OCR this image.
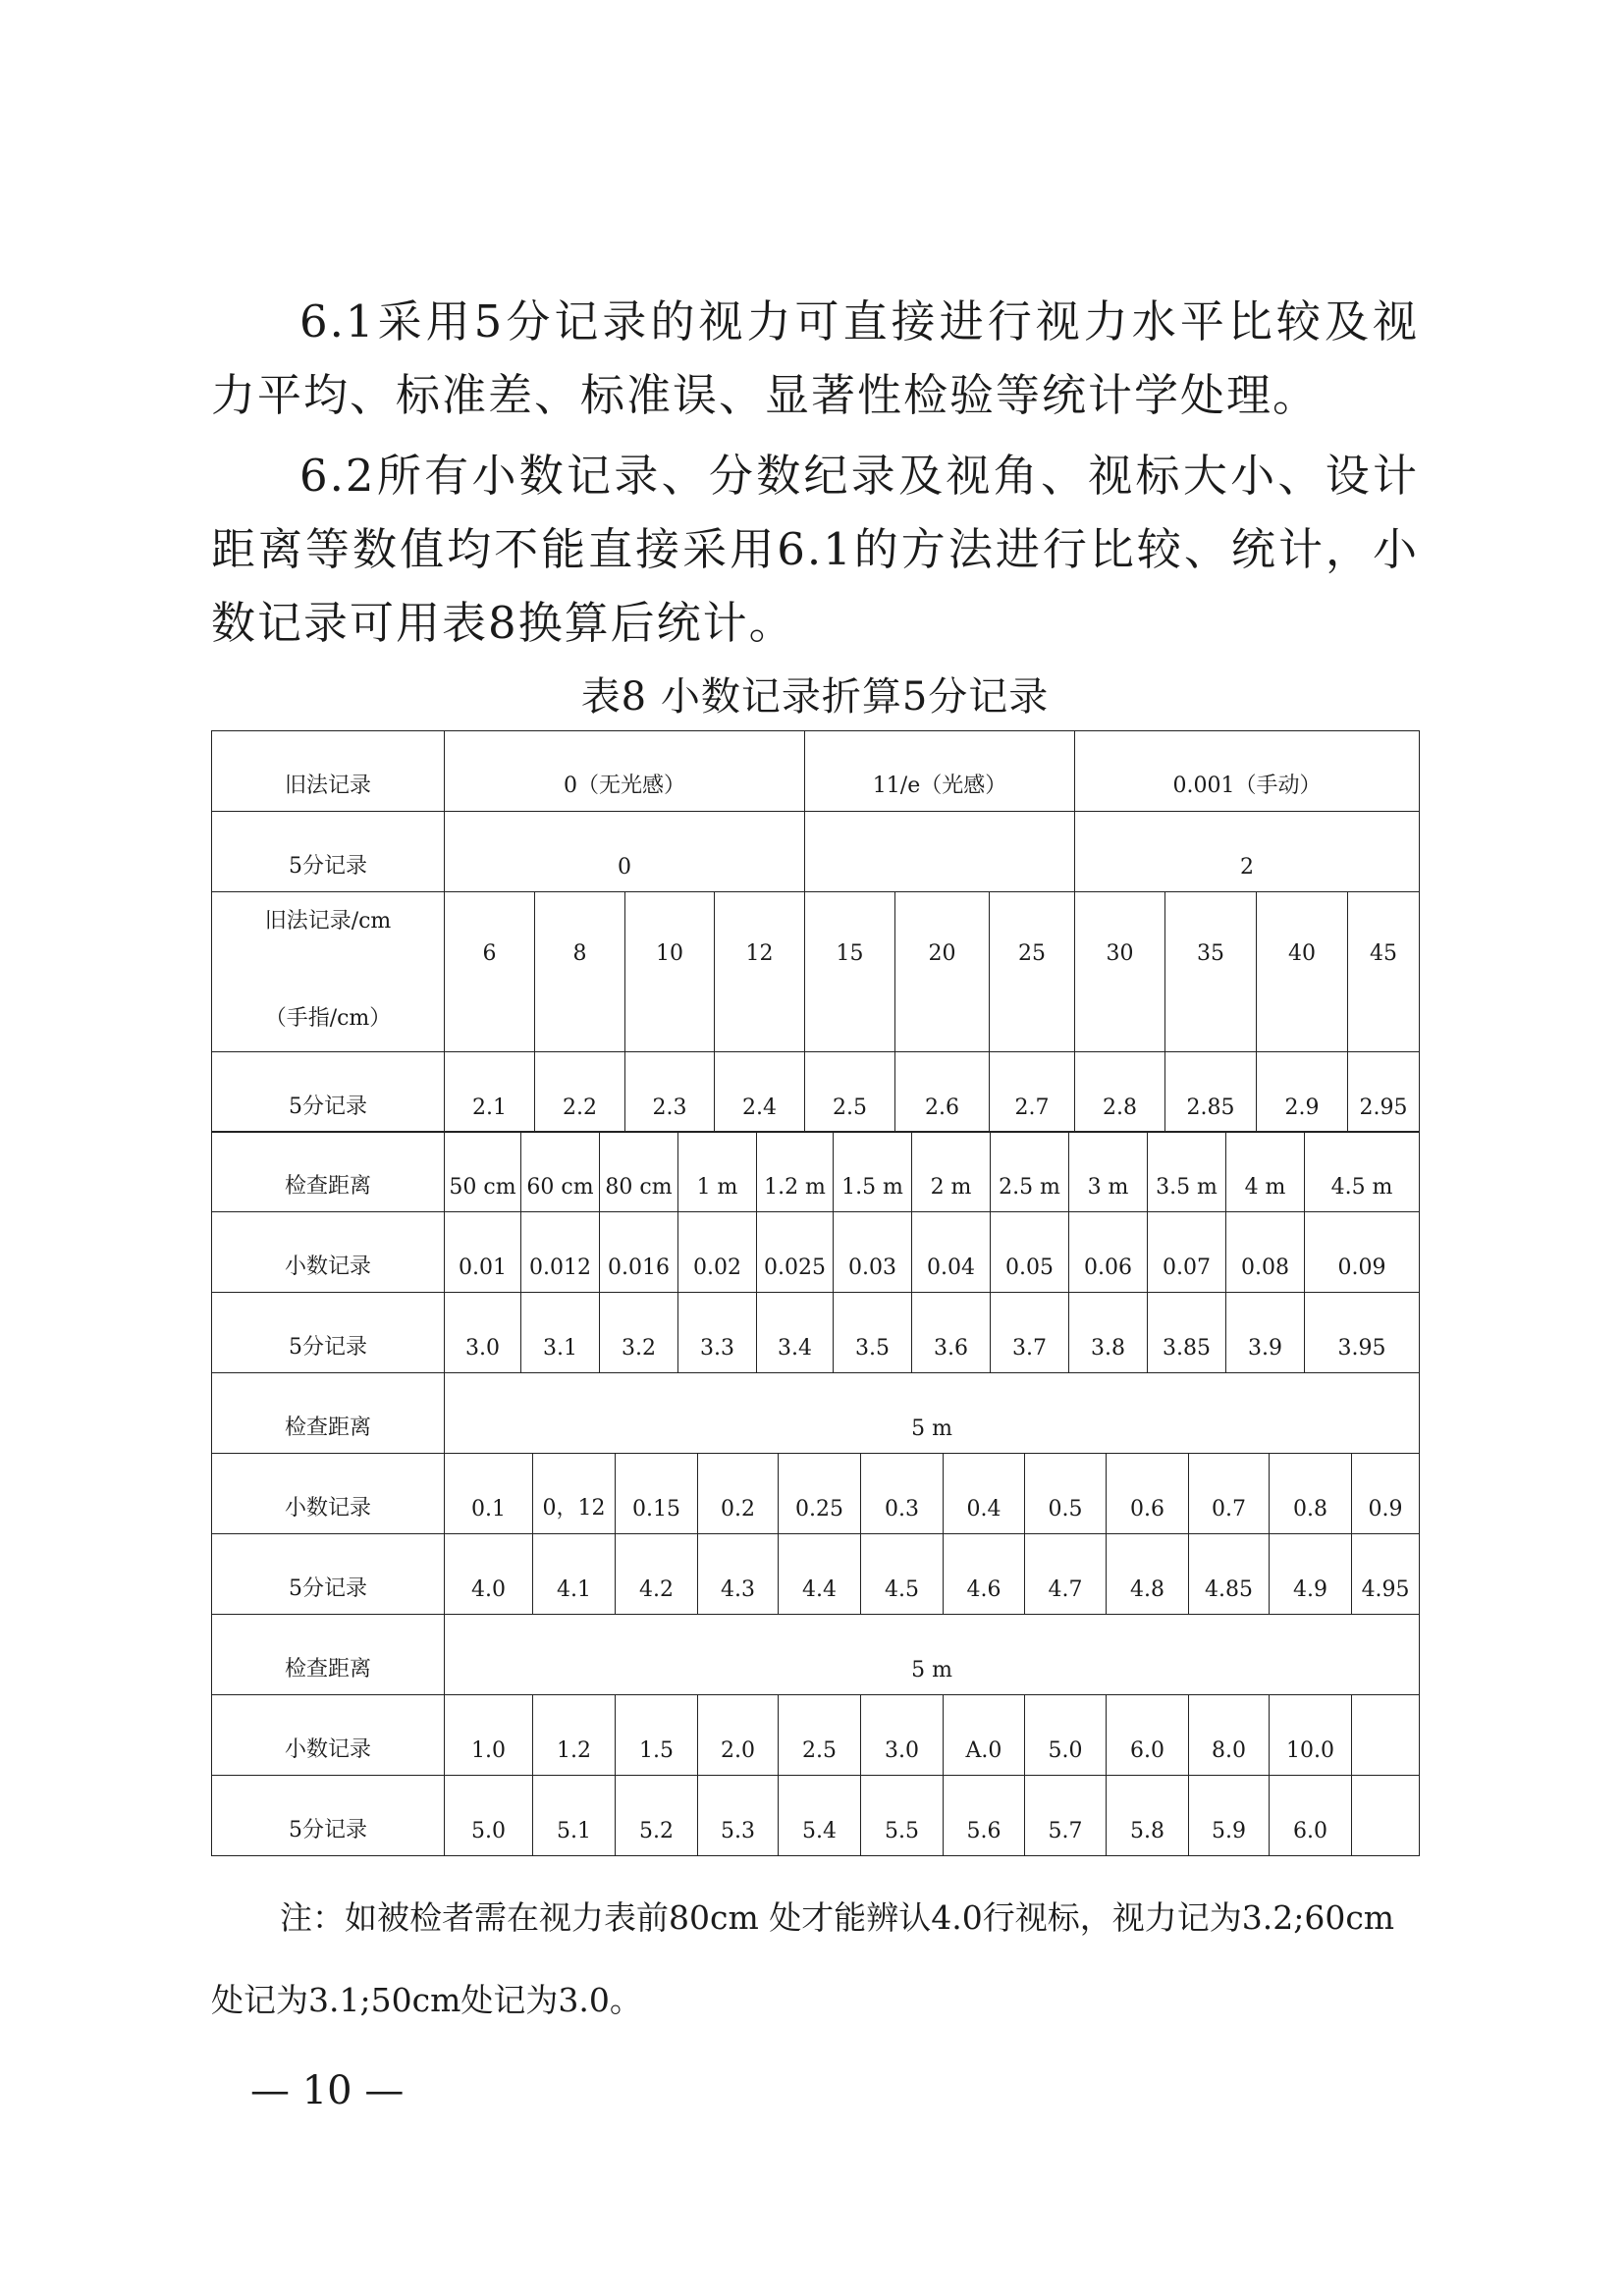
6.1采用5分记录的视力可直接进行视力水平比较及视力平均、标准差、标准误、显著性检验等统计学处理。

6.2所有小数记录、分数纪录及视角、视标大小、设计距离等数值均不能直接采用6.1的方法进行比较、统计，小数记录可用表8换算后统计。

表8 小数记录折算5分记录
旧法记录	0（无光感）				11/e（光感）			0.001（手动）			
5分记录	0							2			

旧法记录/cm
（手指/cm）	6	8	10	12	15	20	25	30	35	40	45
5分记录	2.1	2.2	2.3	2.4	2.5	2.6	2.7	2.8	2.85	2.9	2.95
检查距离	50 cm	60 cm	80 cm	1 m	1.2 m	1.5 m	2 m	2.5 m	3 m	3.5 m	4 m	4.5 m
小数记录	0.01	0.012	0.016	0.02	0.025	0.03	0.04	0.05	0.06	0.07	0.08	0.09
5分记录	3.0	3.1	3.2	3.3	3.4	3.5	3.6	3.7	3.8	3.85	3.9	3.95
检查距离	5 m											
小数记录	0.1	0，12	0.15	0.2	0.25	0.3	0.4	0.5	0.6	0.7	0.8	0.9
5分记录	4.0	4.1	4.2	4.3	4.4	4.5	4.6	4.7	4.8	4.85	4.9	4.95
检查距离	5 m											
小数记录	1.0	1.2	1.5	2.0	2.5	3.0	A.0	5.0	6.0	8.0	10.0	
5分记录	5.0	5.1	5.2	5.3	5.4	5.5	5.6	5.7	5.8	5.9	6.0	

注：如被检者需在视力表前80cm 处才能辨认4.0行视标，视力记为3.2;60cm处记为3.1;50cm处记为3.0。

— 10 —
